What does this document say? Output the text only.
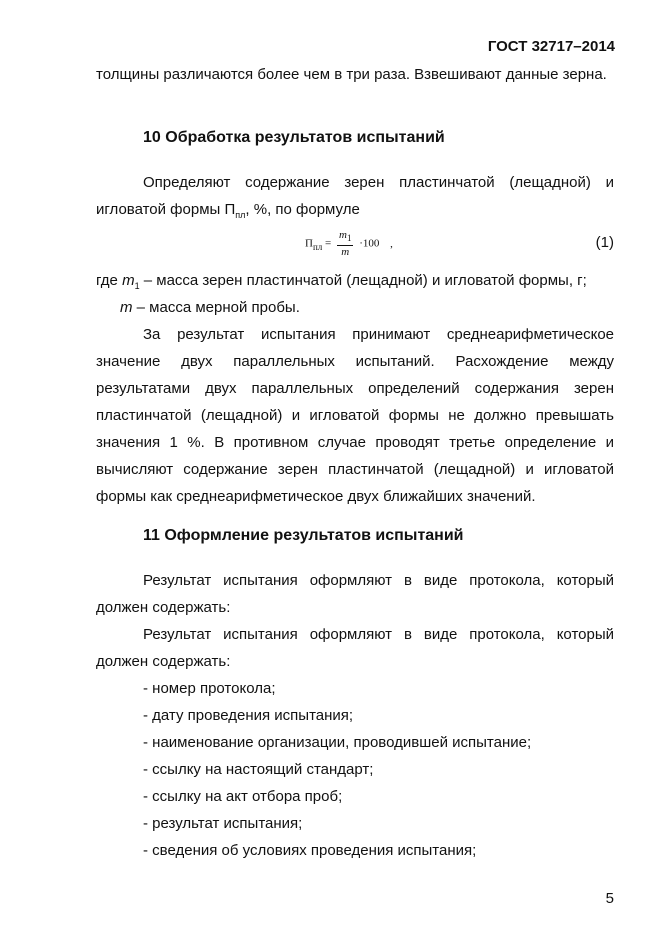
ГОСТ 32717–2014
толщины различаются более чем в три раза. Взвешивают данные зерна.
10 Обработка результатов испытаний
Определяют содержание зерен пластинчатой (лещадной) и
игловатой формы $П_{пл}$, %, по формуле
$П_{пл} = \frac{m_1}{m} \cdot 100$ ,	(1)
где $m_1$ – масса зерен пластинчатой (лещадной) и игловатой формы, г;
m – масса мерной пробы.
За результат испытания принимают среднеарифметическое значение двух параллельных испытаний. Расхождение между результатами двух параллельных определений содержания зерен пластинчатой (лещадной) и игловатой формы не должно превышать значения 1 %. В противном случае проводят третье определение и вычисляют содержание зерен пластинчатой (лещадной) и игловатой формы как среднеарифметическое двух ближайших значений.
11 Оформление результатов испытаний
Результат испытания оформляют в виде протокола, который должен содержать:
Результат испытания оформляют в виде протокола, который должен содержать:
- номер протокола;
- дату проведения испытания;
- наименование организации, проводившей испытание;
- ссылку на настоящий стандарт;
- ссылку на акт отбора проб;
- результат испытания;
- сведения об условиях проведения испытания;
5
